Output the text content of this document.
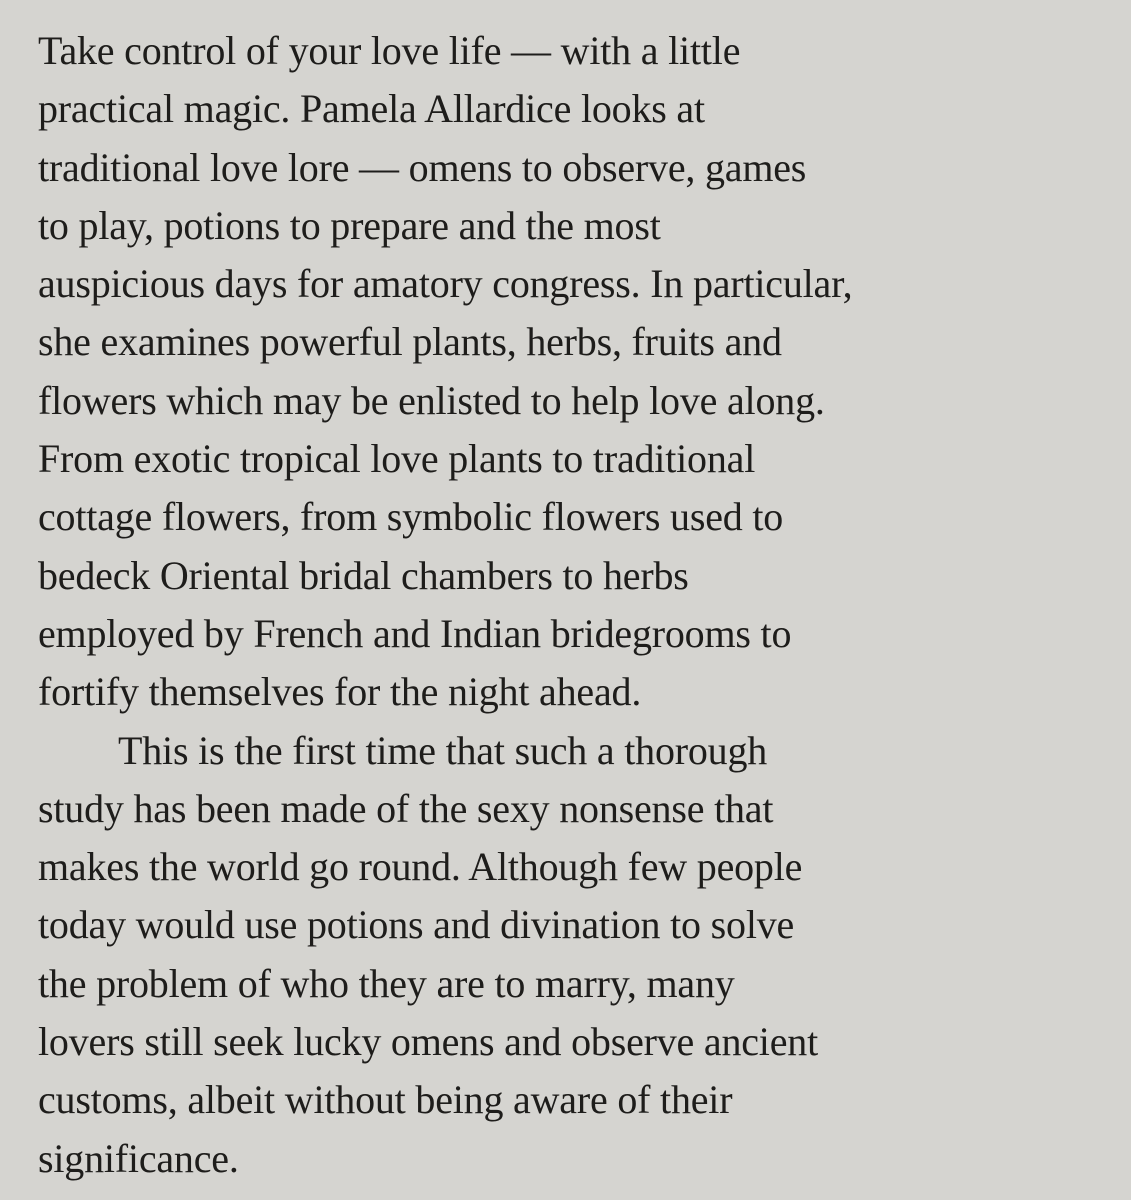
Take control of your love life — with a little
practical magic. Pamela Allardice looks at
traditional love lore — omens to observe, games
to play, potions to prepare and the most
auspicious days for amatory congress. In particular,
she examines powerful plants, herbs, fruits and
flowers which may be enlisted to help love along.
From exotic tropical love plants to traditional
cottage flowers, from symbolic flowers used to
bedeck Oriental bridal chambers to herbs
employed by French and Indian bridegrooms to
fortify themselves for the night ahead.
This is the first time that such a thorough
study has been made of the sexy nonsense that
makes the world go round. Although few people
today would use potions and divination to solve
the problem of who they are to marry, many
lovers still seek lucky omens and observe ancient
customs, albeit without being aware of their
significance.
